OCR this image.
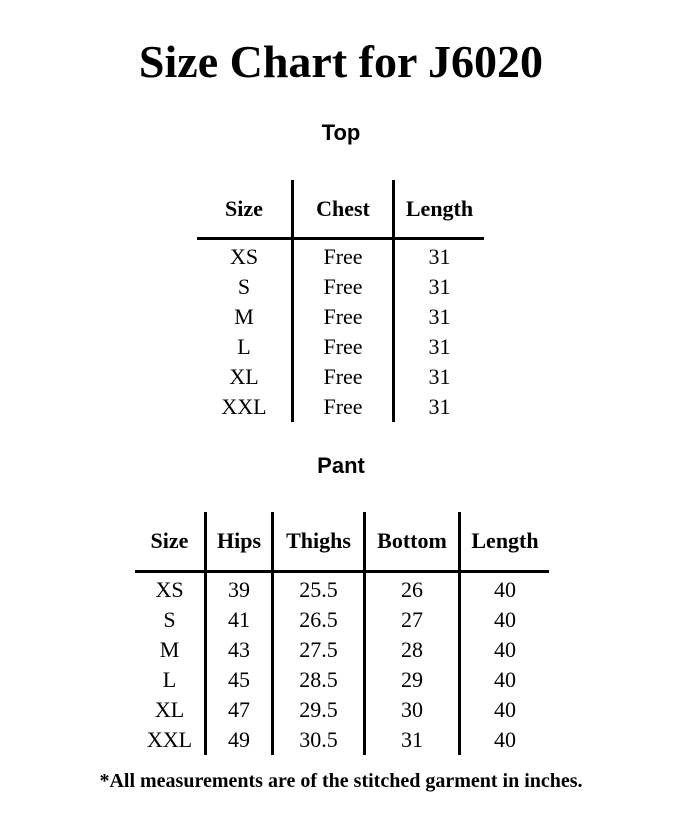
Size Chart for J6020
Top
Size	Chest	Length
XS	Free	31
S	Free	31
M	Free	31
L	Free	31
XL	Free	31
XXL	Free	31
Pant
Size	Hips	Thighs	Bottom	Length
XS	39	25.5	26	40
S	41	26.5	27	40
M	43	27.5	28	40
L	45	28.5	29	40
XL	47	29.5	30	40
XXL	49	30.5	31	40

*All measurements are of the stitched garment in inches.
